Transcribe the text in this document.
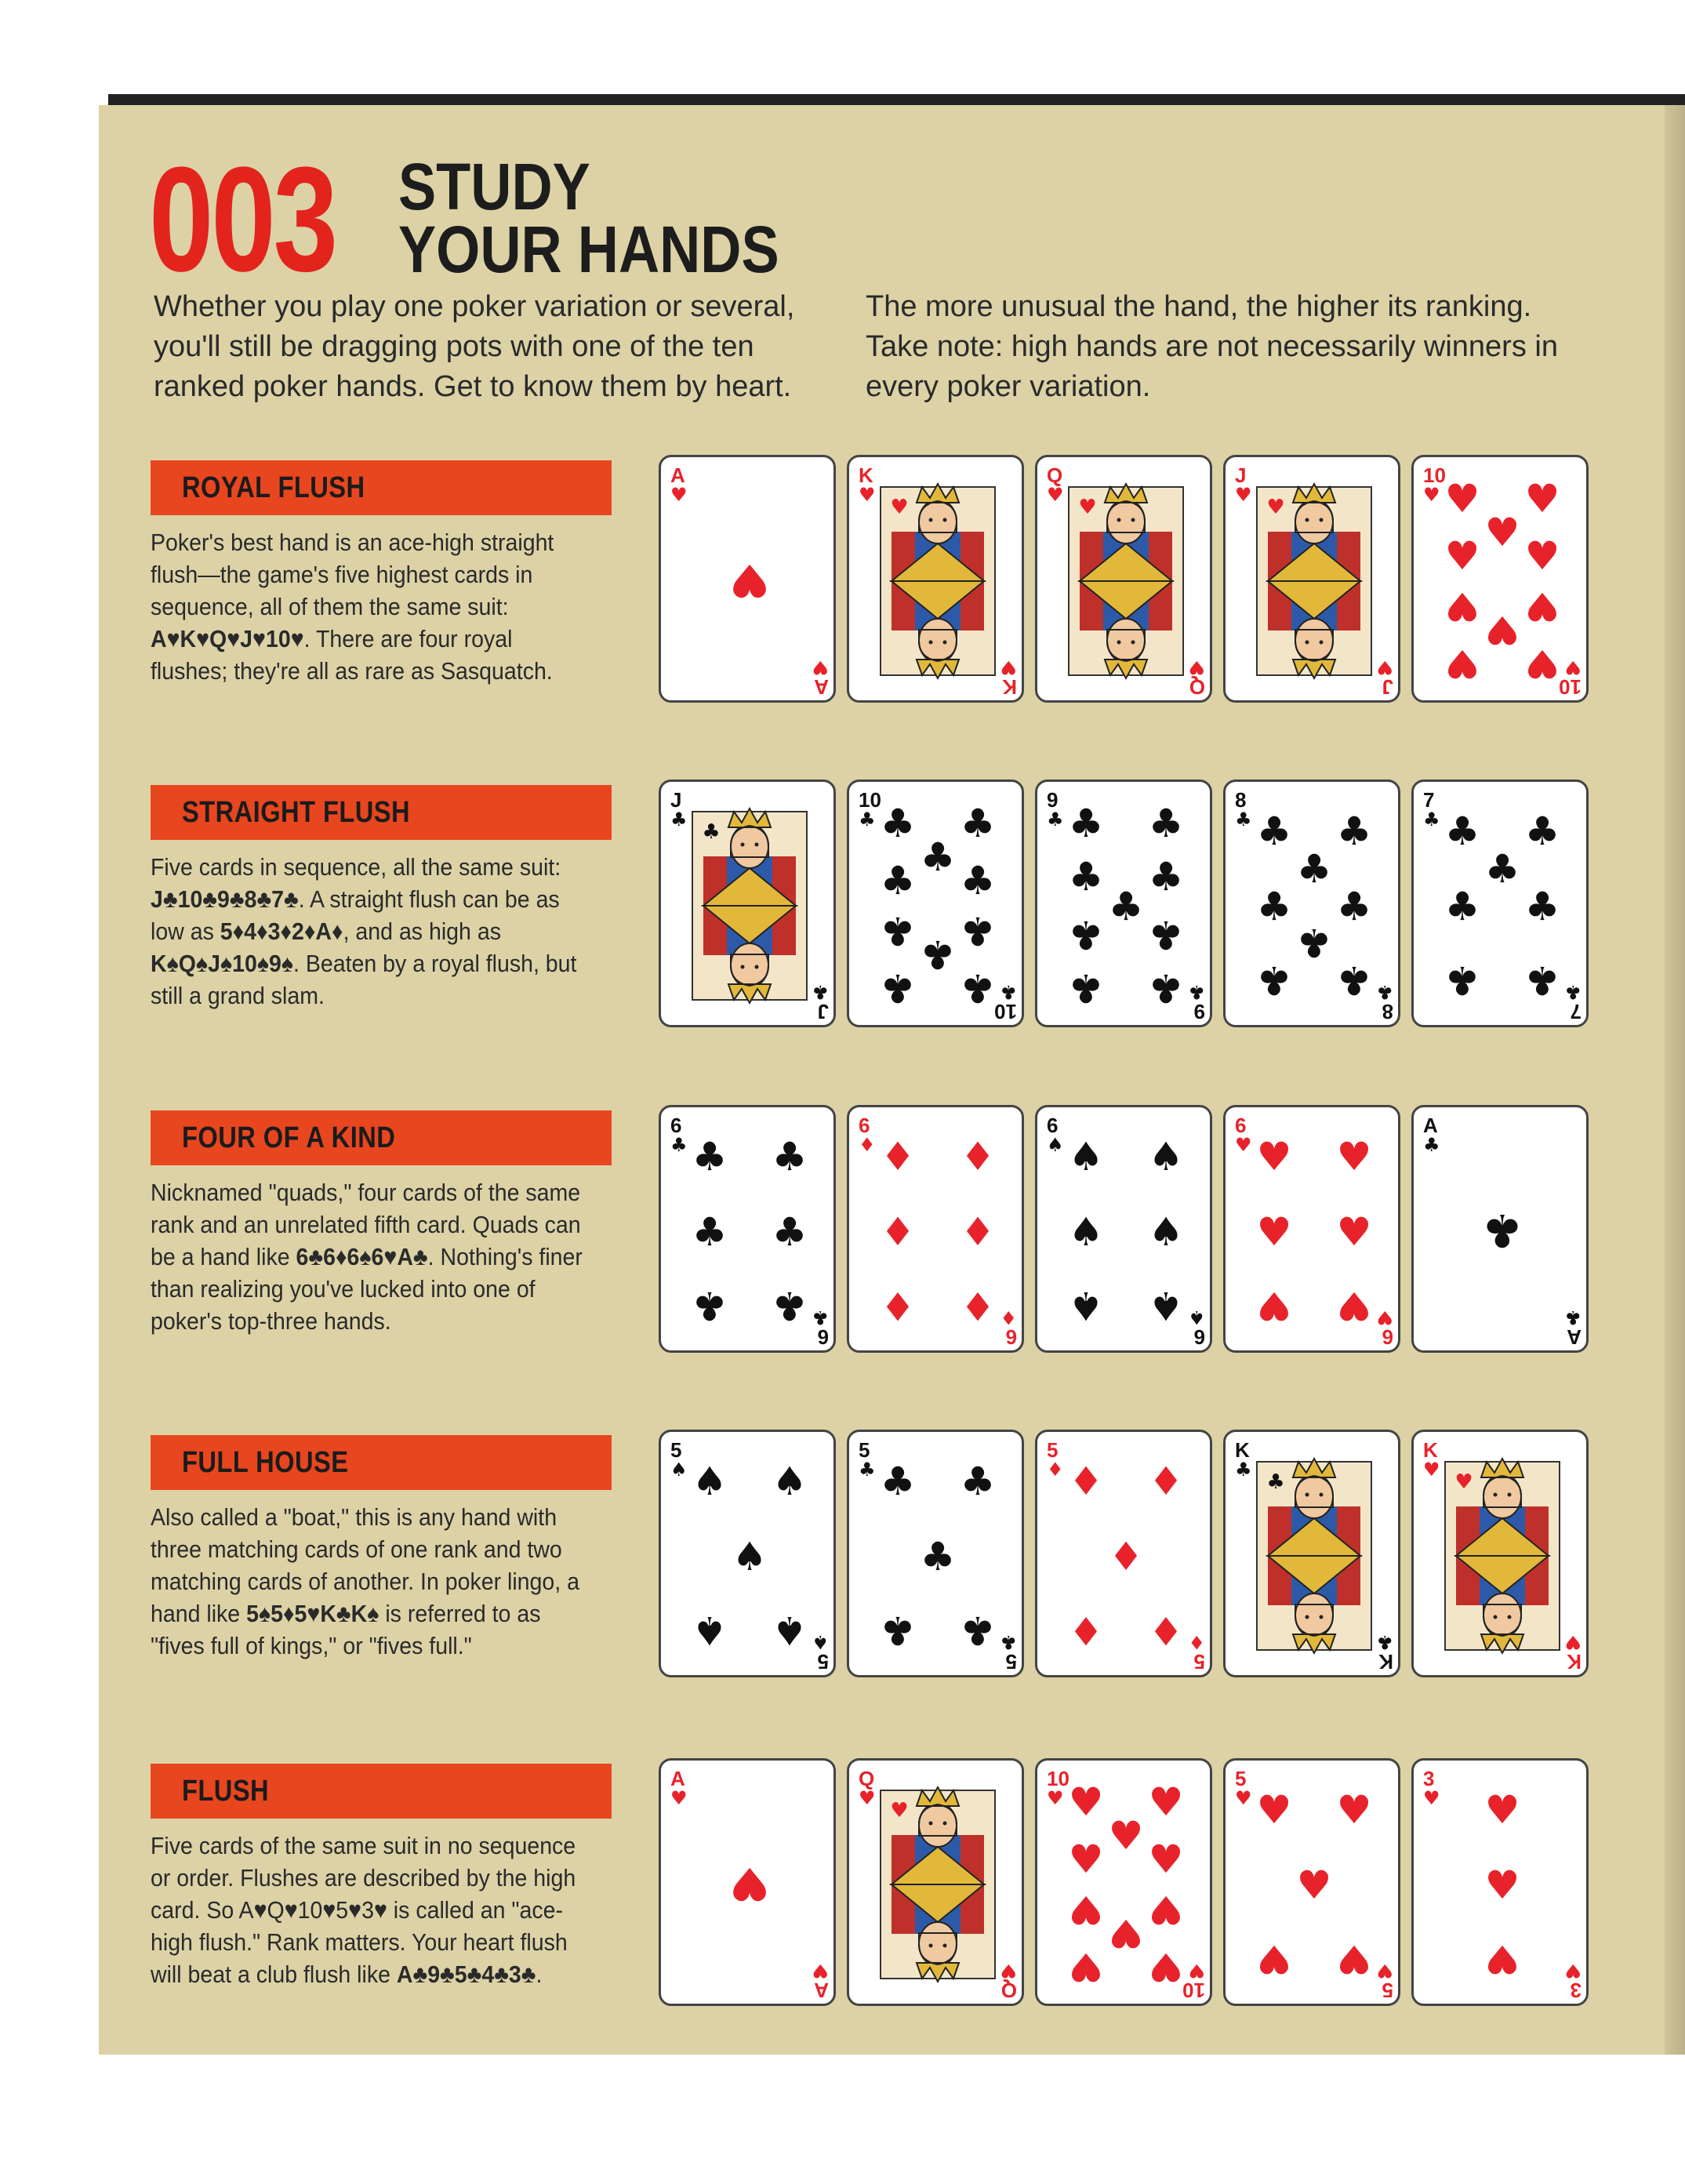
003 STUDY
YOUR HANDS
Whether you play one poker variation or several, you'll still be dragging pots with one of the ten ranked poker hands. Get to know them by heart.
The more unusual the hand, the higher its ranking. Take note: high hands are not necessarily winners in every poker variation.
ROYAL FLUSH
Poker's best hand is an ace-high straight flush—the game's five highest cards in sequence, all of them the same suit: A♥K♥Q♥J♥10♥. There are four royal flushes; they're all as rare as Sasquatch.
A
♥
A
♥
♥
K
♥
K
♥
♥
Q
♥
Q
♥
♥
J
♥
J
♥
♥
10
♥
10
♥
♥ ♥
♥
♥ ♥
♥ ♥
♥
♥ ♥
STRAIGHT FLUSH
Five cards in sequence, all the same suit: J♣10♣9♣8♣7♣. A straight flush can be as low as 5♦4♦3♦2♦A♦, and as high as K♠Q♠J♠10♠9♠. Beaten by a royal flush, but still a grand slam.
J
♣
J
♣
♣
10
♣
10
♣
♣ ♣
♣
♣ ♣
♣ ♣
♣
♣ ♣
9
♣
9
♣
♣ ♣
♣ ♣
♣
♣ ♣
♣ ♣
8
♣
8
♣
♣ ♣
♣
♣ ♣
♣
♣ ♣
7
♣
7
♣
♣ ♣
♣
♣ ♣
♣ ♣
FOUR OF A KIND
Nicknamed "quads," four cards of the same rank and an unrelated fifth card. Quads can be a hand like 6♣6♦6♠6♥A♣. Nothing's finer than realizing you've lucked into one of poker's top-three hands.
6
♣
6
♣
♣ ♣
♣ ♣
♣ ♣
6
♦
6
♦
♦ ♦
♦ ♦
♦ ♦
6
♠
6
♠
♠ ♠
♠ ♠
♠ ♠
6
♥
6
♥
♥ ♥
♥ ♥
♥ ♥
A
♣
A
♣
♣
FULL HOUSE
Also called a "boat," this is any hand with three matching cards of one rank and two matching cards of another. In poker lingo, a hand like 5♠5♦5♥K♣K♠ is referred to as "fives full of kings," or "fives full."
5
♠
5
♠
♠ ♠
♠
♠ ♠
5
♣
5
♣
♣ ♣
♣
♣ ♣
5
♦
5
♦
♦ ♦
♦
♦ ♦
K
♣
K
♣
♣
K
♥
K
♥
♥
FLUSH
Five cards of the same suit in no sequence or order. Flushes are described by the high card. So A♥Q♥10♥5♥3♥ is called an "ace-high flush." Rank matters. Your heart flush will beat a club flush like A♣9♣5♣4♣3♣.
A
♥
A
♥
♥
Q
♥
Q
♥
♥
10
♥
10
♥
♥ ♥
♥
♥ ♥
♥ ♥
♥
♥ ♥
5
♥
5
♥
♥ ♥
♥
♥ ♥
3
♥
3
♥
♥
♥
♥
